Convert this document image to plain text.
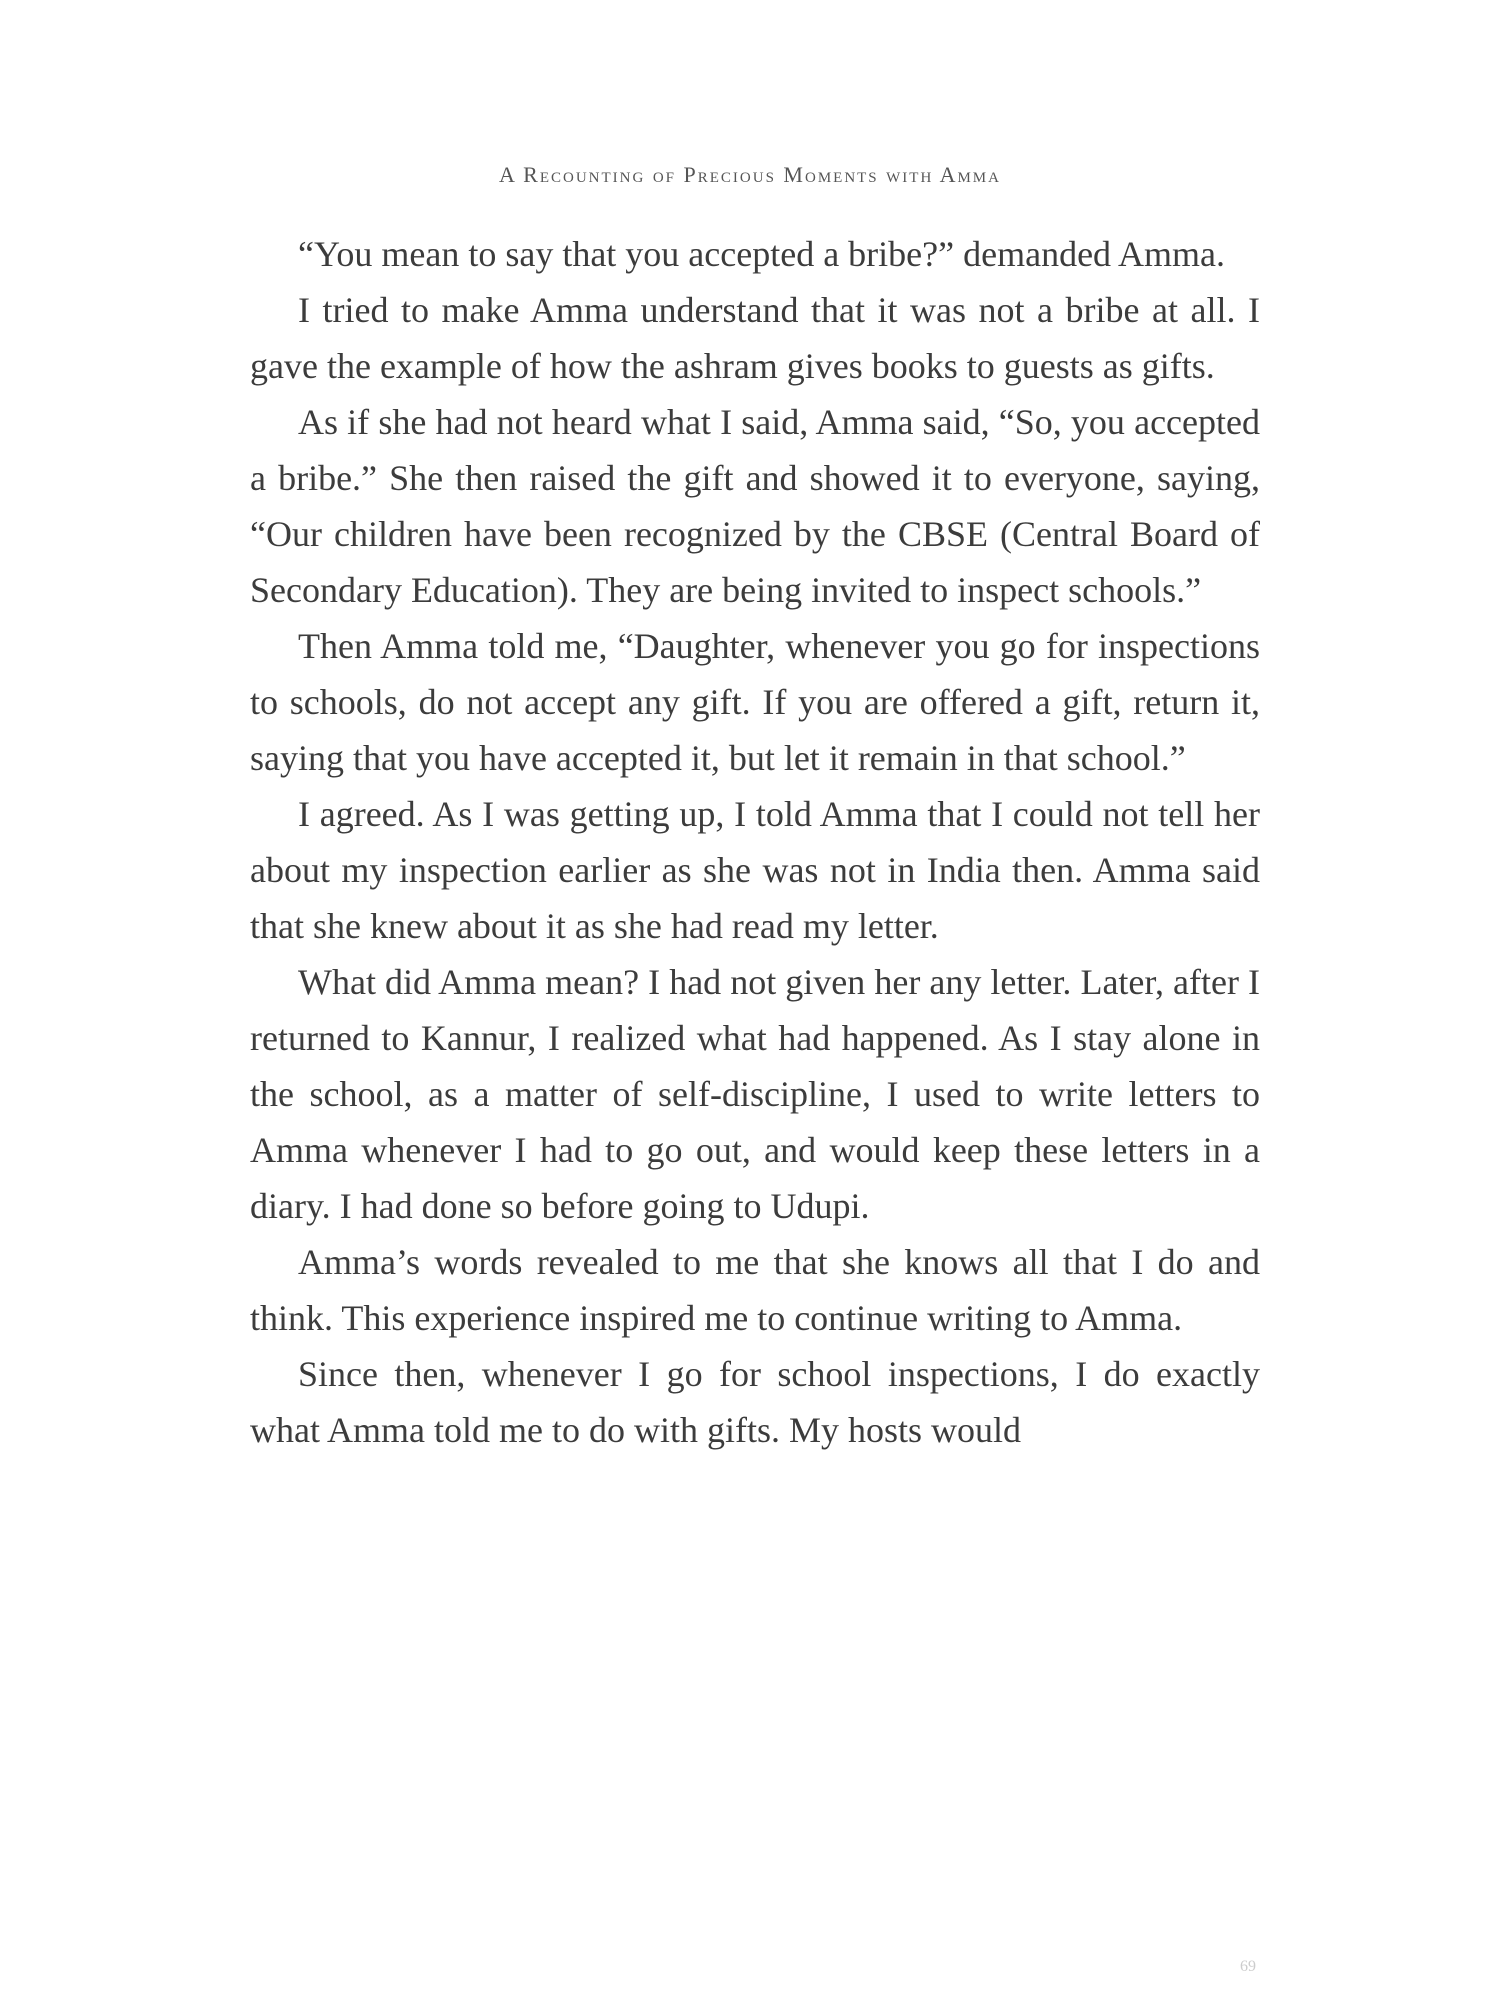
A Recounting of Precious Moments with Amma

“You mean to say that you accepted a bribe?” demanded Amma.

I tried to make Amma understand that it was not a bribe at all. I gave the example of how the ashram gives books to guests as gifts.

As if she had not heard what I said, Amma said, “So, you accepted a bribe.” She then raised the gift and showed it to everyone, saying, “Our children have been recognized by the CBSE (Central Board of Secondary Education). They are being invited to inspect schools.”

Then Amma told me, “Daughter, whenever you go for inspections to schools, do not accept any gift. If you are offered a gift, return it, saying that you have accepted it, but let it remain in that school.”

I agreed. As I was getting up, I told Amma that I could not tell her about my inspection earlier as she was not in India then. Amma said that she knew about it as she had read my letter.

What did Amma mean? I had not given her any letter. Later, after I returned to Kannur, I realized what had happened. As I stay alone in the school, as a matter of self-discipline, I used to write letters to Amma whenever I had to go out, and would keep these letters in a diary. I had done so before going to Udupi.

Amma’s words revealed to me that she knows all that I do and think. This experience inspired me to continue writing to Amma.

Since then, whenever I go for school inspections, I do exactly what Amma told me to do with gifts. My hosts would

69
